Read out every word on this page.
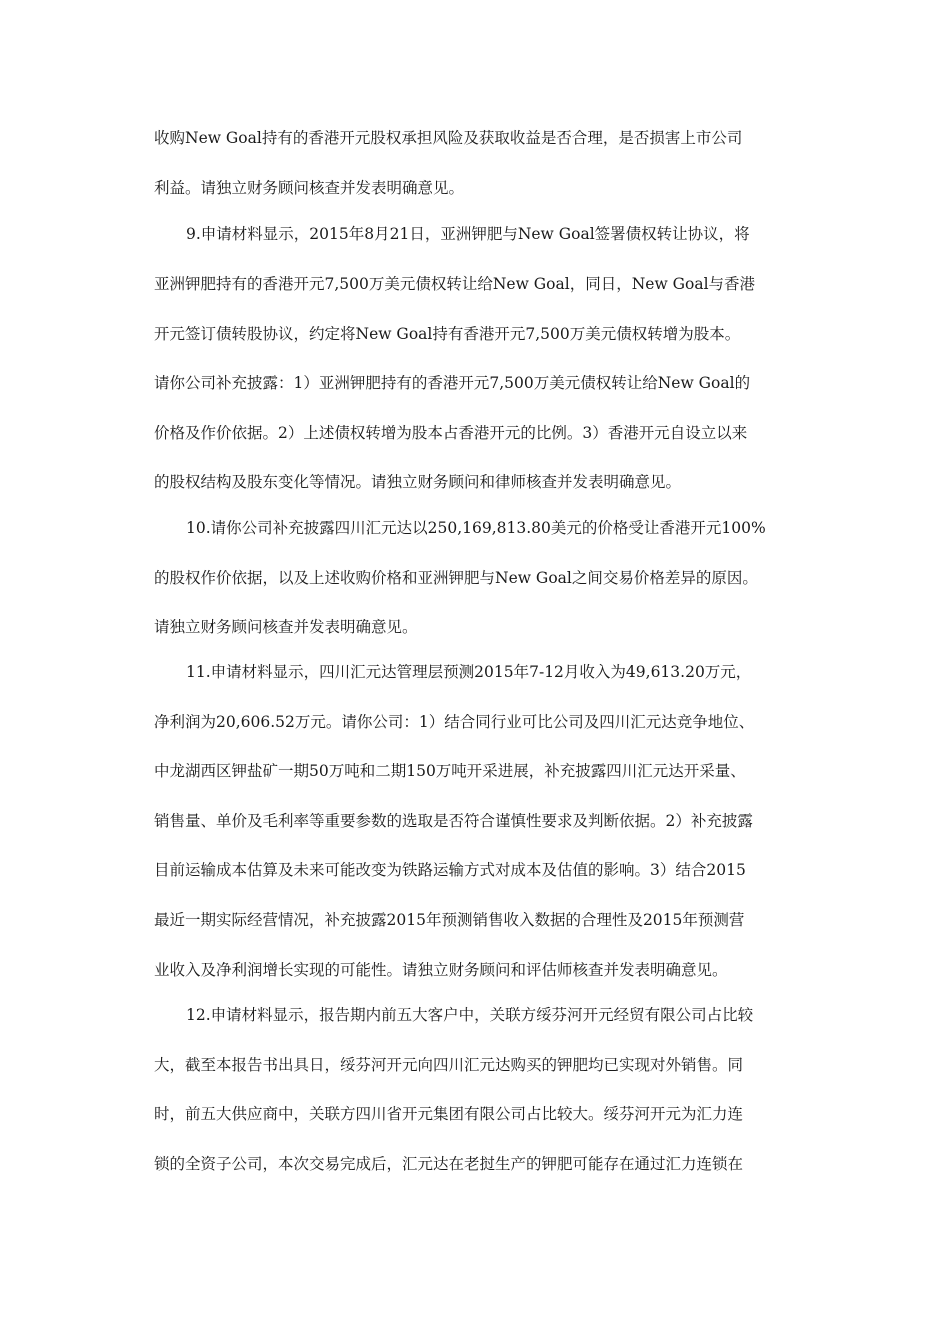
收购New Goal持有的香港开元股权承担风险及获取收益是否合理，是否损害上市公司
利益。请独立财务顾问核查并发表明确意见。
9.申请材料显示，2015年8月21日，亚洲钾肥与New Goal签署债权转让协议，将
亚洲钾肥持有的香港开元7,500万美元债权转让给New Goal，同日，New Goal与香港
开元签订债转股协议，约定将New Goal持有香港开元7,500万美元债权转增为股本。
请你公司补充披露：1）亚洲钾肥持有的香港开元7,500万美元债权转让给New Goal的
价格及作价依据。2）上述债权转增为股本占香港开元的比例。3）香港开元自设立以来
的股权结构及股东变化等情况。请独立财务顾问和律师核查并发表明确意见。
10.请你公司补充披露四川汇元达以250,169,813.80美元的价格受让香港开元100%
的股权作价依据，以及上述收购价格和亚洲钾肥与New Goal之间交易价格差异的原因。
请独立财务顾问核查并发表明确意见。
11.申请材料显示，四川汇元达管理层预测2015年7-12月收入为49,613.20万元，
净利润为20,606.52万元。请你公司：1）结合同行业可比公司及四川汇元达竞争地位、
中龙湖西区钾盐矿一期50万吨和二期150万吨开采进展，补充披露四川汇元达开采量、
销售量、单价及毛利率等重要参数的选取是否符合谨慎性要求及判断依据。2）补充披露
目前运输成本估算及未来可能改变为铁路运输方式对成本及估值的影响。3）结合2015
最近一期实际经营情况，补充披露2015年预测销售收入数据的合理性及2015年预测营
业收入及净利润增长实现的可能性。请独立财务顾问和评估师核查并发表明确意见。
12.申请材料显示，报告期内前五大客户中，关联方绥芬河开元经贸有限公司占比较
大，截至本报告书出具日，绥芬河开元向四川汇元达购买的钾肥均已实现对外销售。同
时，前五大供应商中，关联方四川省开元集团有限公司占比较大。绥芬河开元为汇力连
锁的全资子公司，本次交易完成后，汇元达在老挝生产的钾肥可能存在通过汇力连锁在
